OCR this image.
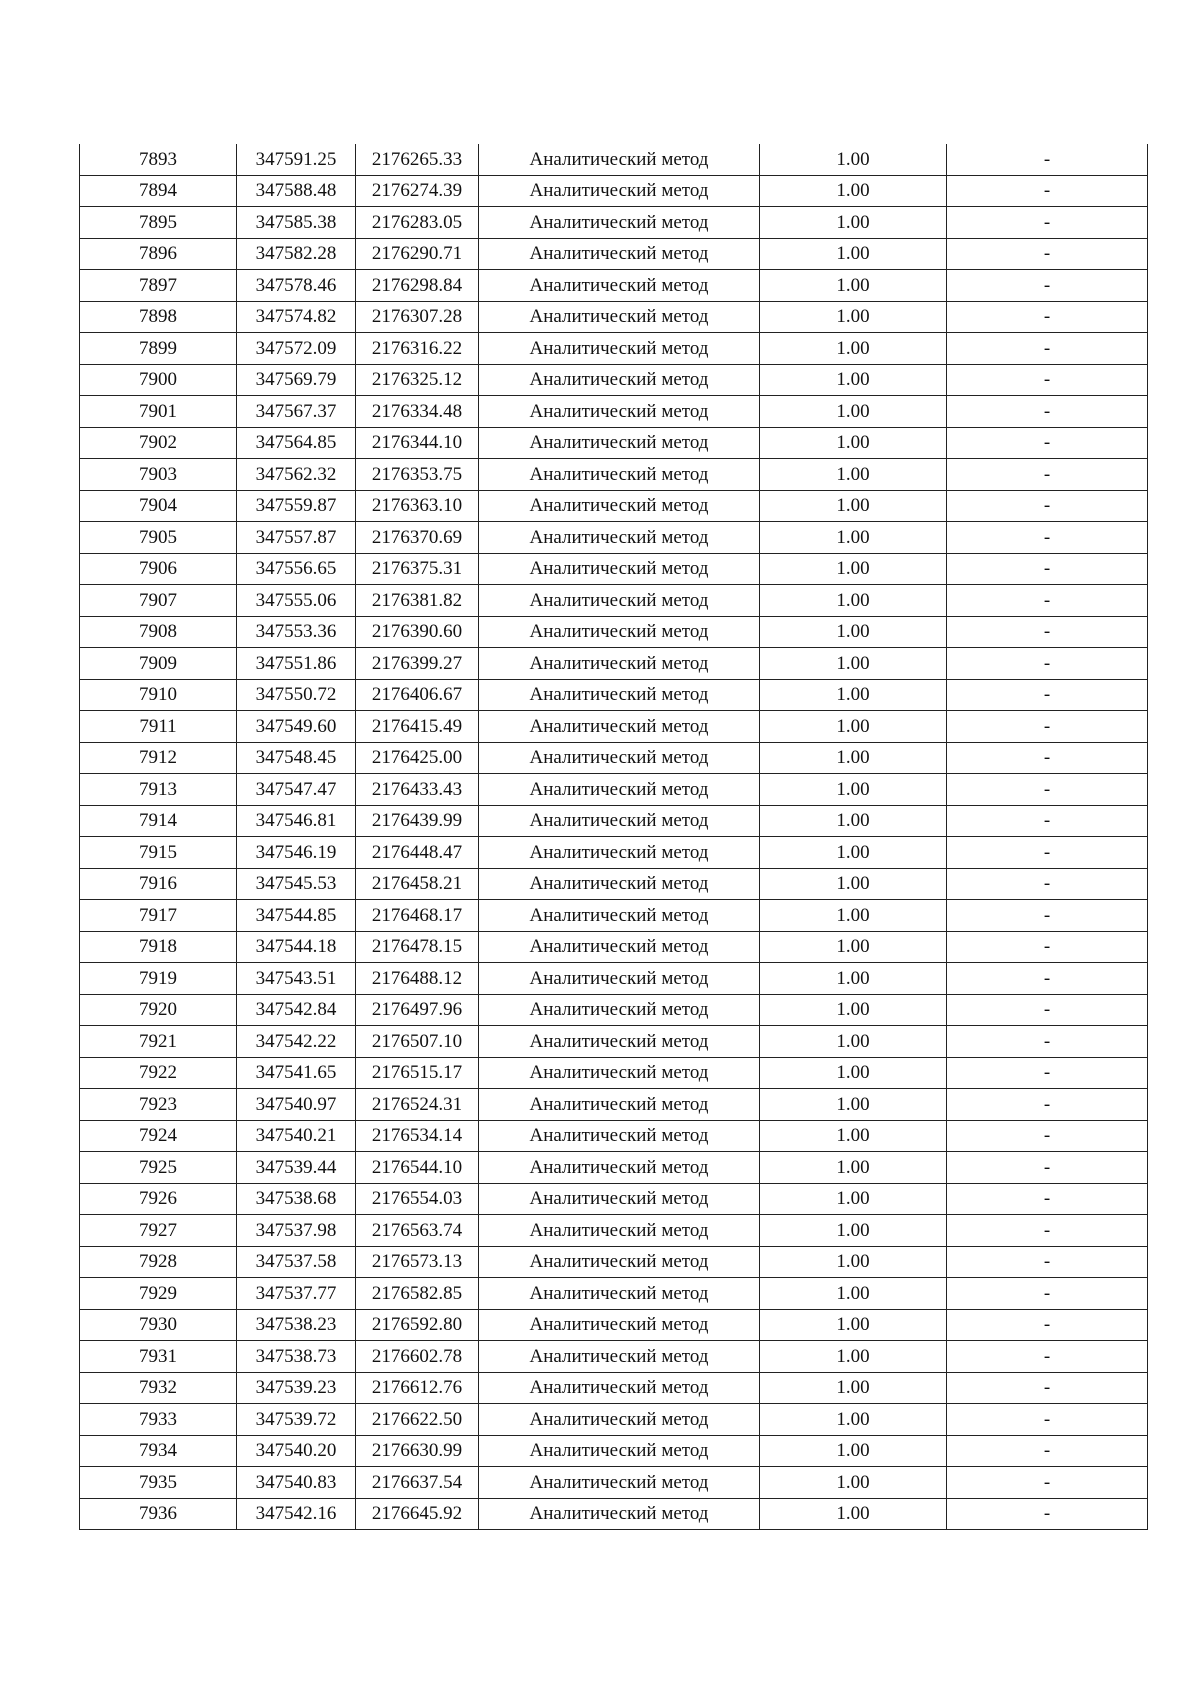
7893	347591.25	2176265.33	Аналитический метод	1.00	-
7894	347588.48	2176274.39	Аналитический метод	1.00	-
7895	347585.38	2176283.05	Аналитический метод	1.00	-
7896	347582.28	2176290.71	Аналитический метод	1.00	-
7897	347578.46	2176298.84	Аналитический метод	1.00	-
7898	347574.82	2176307.28	Аналитический метод	1.00	-
7899	347572.09	2176316.22	Аналитический метод	1.00	-
7900	347569.79	2176325.12	Аналитический метод	1.00	-
7901	347567.37	2176334.48	Аналитический метод	1.00	-
7902	347564.85	2176344.10	Аналитический метод	1.00	-
7903	347562.32	2176353.75	Аналитический метод	1.00	-
7904	347559.87	2176363.10	Аналитический метод	1.00	-
7905	347557.87	2176370.69	Аналитический метод	1.00	-
7906	347556.65	2176375.31	Аналитический метод	1.00	-
7907	347555.06	2176381.82	Аналитический метод	1.00	-
7908	347553.36	2176390.60	Аналитический метод	1.00	-
7909	347551.86	2176399.27	Аналитический метод	1.00	-
7910	347550.72	2176406.67	Аналитический метод	1.00	-
7911	347549.60	2176415.49	Аналитический метод	1.00	-
7912	347548.45	2176425.00	Аналитический метод	1.00	-
7913	347547.47	2176433.43	Аналитический метод	1.00	-
7914	347546.81	2176439.99	Аналитический метод	1.00	-
7915	347546.19	2176448.47	Аналитический метод	1.00	-
7916	347545.53	2176458.21	Аналитический метод	1.00	-
7917	347544.85	2176468.17	Аналитический метод	1.00	-
7918	347544.18	2176478.15	Аналитический метод	1.00	-
7919	347543.51	2176488.12	Аналитический метод	1.00	-
7920	347542.84	2176497.96	Аналитический метод	1.00	-
7921	347542.22	2176507.10	Аналитический метод	1.00	-
7922	347541.65	2176515.17	Аналитический метод	1.00	-
7923	347540.97	2176524.31	Аналитический метод	1.00	-
7924	347540.21	2176534.14	Аналитический метод	1.00	-
7925	347539.44	2176544.10	Аналитический метод	1.00	-
7926	347538.68	2176554.03	Аналитический метод	1.00	-
7927	347537.98	2176563.74	Аналитический метод	1.00	-
7928	347537.58	2176573.13	Аналитический метод	1.00	-
7929	347537.77	2176582.85	Аналитический метод	1.00	-
7930	347538.23	2176592.80	Аналитический метод	1.00	-
7931	347538.73	2176602.78	Аналитический метод	1.00	-
7932	347539.23	2176612.76	Аналитический метод	1.00	-
7933	347539.72	2176622.50	Аналитический метод	1.00	-
7934	347540.20	2176630.99	Аналитический метод	1.00	-
7935	347540.83	2176637.54	Аналитический метод	1.00	-
7936	347542.16	2176645.92	Аналитический метод	1.00	-
